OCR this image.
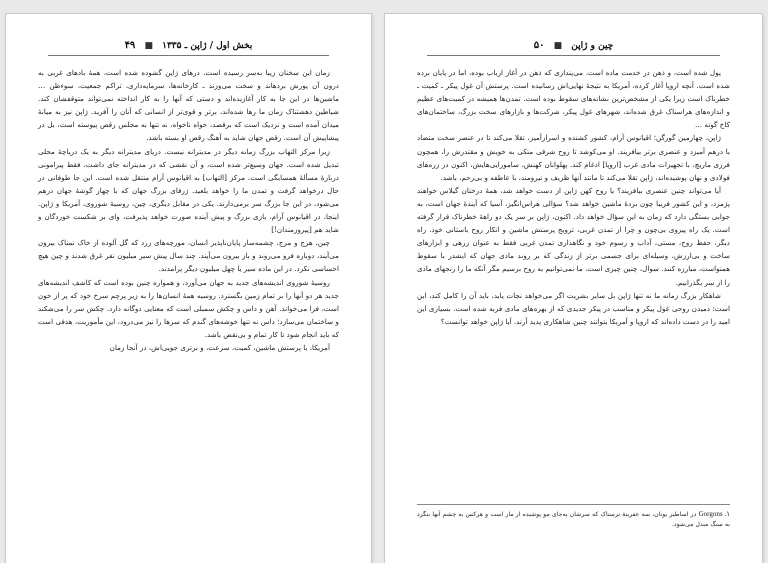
بخش اول / ژاپن ـ ۱۳۳۵ ■ ۴۹

زمان این سخنان زیبا به‌سر رسیده است. درهای ژاپن گشوده شده است، همهٔ بادهای غربی به درون آن پورش بردهاند و سخت می‌وزند ـ کارخانه‌ها، سرمایه‌داری، تراکم جمعیت، سوء‌ظن … ماشین‌ها در این جا به کار آغازیده‌اند و دستی که آنها را به کار انداخته نمی‌تواند متوقفشان کند. شیاطین دهشتناک زمان ما رها شده‌اند، برتر و قوی‌تر از انسانی که آنان را آفرید. ژاپن نیز به میانهٔ میدان آمده است و نزدیک است که برقصد، خواه ناخواه، نه تنها به مجلس رقص پیوسته است، بل در پیشاپیش آن است. رقص جهان شاید به آهنگ رقص او بسته باشد.

زیرا مرکز التهاب بزرگ زمانه دیگر در مدیترانه نیست. دریای مدیترانه دیگر به یک دریاچهٔ محلی تبدیل شده است. جهان وسیع‌تر شده است، و آن نقشی که در مدیترانه جای داشت، فقط پیرامونی دربارهٔ مسألهٔ همسایگی است. مرکز [التهاب] به اقیانوس آرام منتقل شده است. این جا طوفانی در حال درخواهد گرفت و تمدن ما را خواهد بلعید. ژرفای بزرگ جهان که با چهار گوشهٔ جهان درهم می‌شود، در این جا بزرگ سر برمی‌دارند. یکی در مقابل دیگری، چین، روسیهٔ شوروی، آمریکا و ژاپن. اینجا، در اقیانوس آرام، بازی بزرگ و پیش آینده صورت خواهد پذیرفت، وای بر شکست خوردگان و شاید هم [پیروزمندان!]

چین، هرج و مرج، چشمه‌سار پایان‌ناپذیر انسان، مورچه‌های زرد که گل آلوده از خاک نمناک بیرون می‌آیند، دوباره فرو می‌روند و باز بیرون می‌آیند. چند سال پیش سیر میلیون نفر غرق شدند و چین هیچ احساسی نکرد. در این ماده سیر یا چهل میلیون دیگر پرامدند.

روسیهٔ شوروی اندیشه‌های جدید به جهان می‌آورد، و همواره چنین بوده است که کاشف اندیشه‌های جدید هر دو آنها را بر تمام زمین بگسترد. روسیه همهٔ انسان‌ها را به زیر پرچم سرخ خود که پر از خون است، فرا می‌خواند. آهن و داس و چکش سمبلی است که معنایی دوگانه دارد. چکش سر را می‌شکند و ساختمان می‌سازد؛ داس نه تنها خوشه‌های گندم که سرها را نیز می‌درود، این مأموریت، هدفی است که باید انجام شود تا کار تمام و بی‌نقص باشد.

آمریکا، با پرستش ماشین، کمیت، سرعت، و برتری جویی‌اش، در آنجا زمان

چین و ژاپن ■ ۵۰

پول شده است، و ذهن در خدمت ماده است. می‌پنداری که ذهن در آغاز ارباب بوده، اما در پایان برده شده است. آنچه اروپا آغاز کرده، آمریکا به نتیجهٔ نهایی‌اش رسانیده است. پرستش آن غول پیکر ـ کمیت ـ خطرناک است زیرا یکی از مشخص‌ترین نشانه‌های سقوط بوده است. تمدن‌ها همیشه در کمیت‌های عظیم و اندازه‌های هراسناک غرق شده‌اند، شهرهای غول پیکر، شرکت‌ها و بازارهای سخت بزرگ، ساختمان‌های کاخ گونه …

ژاپن، چهارمین گورگن؛ اقیانوس آرام، کشور کشنده و اسرارآمیز، تقلا می‌کند تا در عنصر سخت متضاد با درهم آمیزد و عنصری برتر بیافریند. او می‌کوشد تا روح شرقی متکی به خویش و مقتدرش را، همچون فرزی ماریچ، با تجهیزات مادی غرب [اروپا] ادغام کند. پهلوانان کهنش، سامورایی‌هایش، اکنون در زره‌های فولادی و نهان پوشیده‌اند، ژاپن تقلا می‌کند تا مانند آنها ظریف و نیرومند، با عاطفه و بی‌رحم، باشد.

آیا می‌تواند چنین عنصری بیافریند؟ یا روح کهن ژاپن از دست خواهد شد، همهٔ درختان گیلاس خواهند پژمرد، و این کشور فریبا چون بردهٔ ماشین خواهد شد؟ سؤالی هراس‌انگیز، آسیا که آیندهٔ جهان است، به جوابی بستگی دارد که زمان به این سؤال خواهد داد. اکنون، ژاپن بر سر یک دو راههٔ خطرناک قرار گرفته است. یک راه پیروی بی‌چون و چرا از تمدن غربی، ترویج پرستش ماشین و انکار روح باستانی خود. راه دیگر، حفظ روح، مستی، آداب و رسوم خود و نگاهداری تمدن غربی فقط به عنوان زرهی و ابزارهای ساخت و بی‌ارزش، وسیله‌ای برای جسمی برتر از زندگی که بر روند مادی جهان که ایشدر با سقوط همنواست، مبارزه کنند. سوال، چنین چیزی است. ما نمی‌توانیم به روح برسیم مگر آنکه ما را رنجهای مادی را از سر بگذرانیم.

شاهکار بزرگ زمانه ما نه تنها ژاپن بل سایر بشریت اگر می‌خواهد نجات یابد، باید آن را کامل کند، این است: دمیدن روحی غول پیکر و مناسب در پیکر جدیدی که از بهره‌های مادی فربه شده است. بسیاری این امید را در دست داده‌اند که اروپا و آمریکا بتوانند چنین شاهکاری پدید آرند. آیا ژاپن خواهد توانست؟

۱. Gorgons در اساطیر یونان، سه عفریتهٔ ترسناک که سرشان به‌جای مو پوشیده از مار است و هرکس به چشم آنها بنگرد به سنگ مبدل می‌شود.
